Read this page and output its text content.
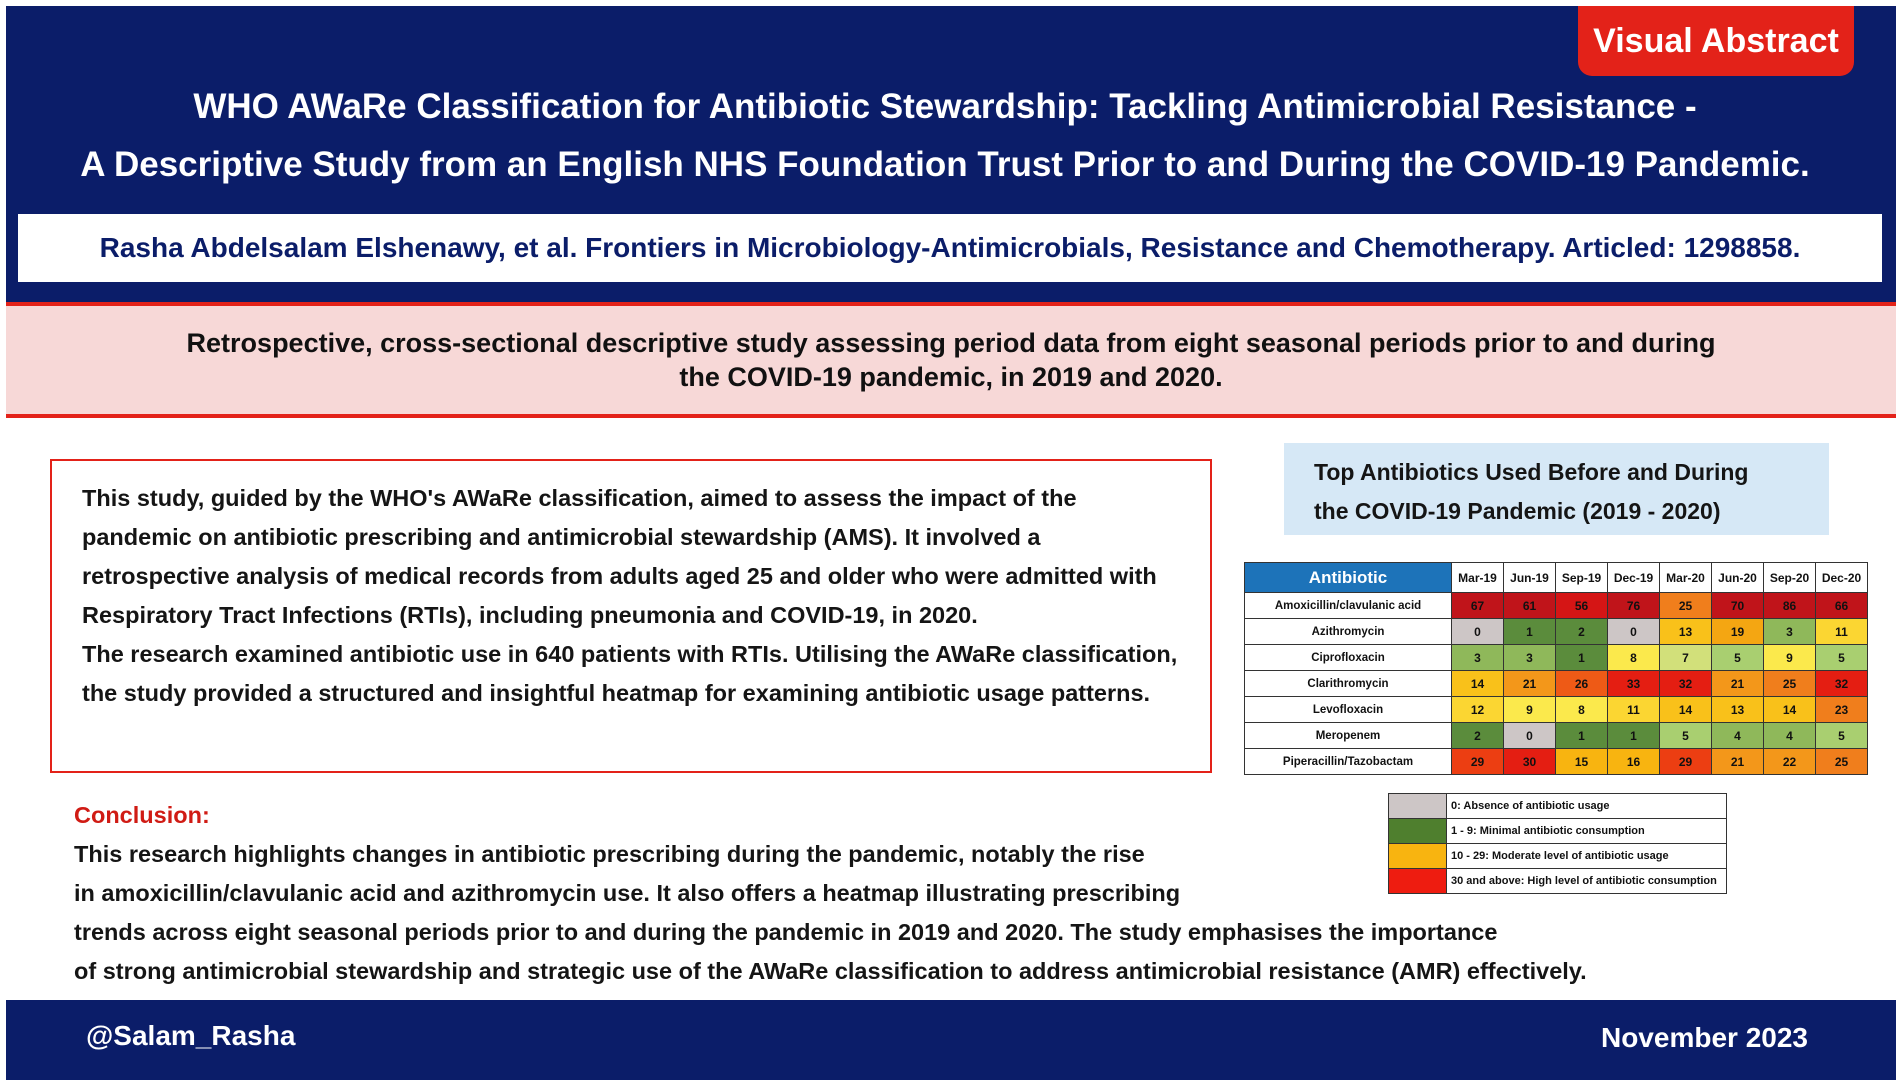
Visual Abstract
WHO AWaRe Classification for Antibiotic Stewardship: Tackling Antimicrobial Resistance -
A Descriptive Study from an English NHS Foundation Trust Prior to and During the COVID-19 Pandemic.
Rasha Abdelsalam Elshenawy, et al. Frontiers in Microbiology-Antimicrobials, Resistance and Chemotherapy. Articled: 1298858.
Retrospective, cross-sectional descriptive study assessing period data from eight seasonal periods prior to and during
the COVID-19 pandemic, in 2019 and 2020.

This study, guided by the WHO's AWaRe classification, aimed to assess the impact of the pandemic on antibiotic prescribing and antimicrobial stewardship (AMS). It involved a retrospective analysis of medical records from adults aged 25 and older who were admitted with Respiratory Tract Infections (RTIs), including pneumonia and COVID-19, in 2020.

The research examined antibiotic use in 640 patients with RTIs. Utilising the AWaRe classification, the study provided a structured and insightful heatmap for examining antibiotic usage patterns.

Conclusion:
This research highlights changes in antibiotic prescribing during the pandemic, notably the rise
in amoxicillin/clavulanic acid and azithromycin use. It also offers a heatmap illustrating prescribing
trends across eight seasonal periods prior to and during the pandemic in 2019 and 2020. The study emphasises the importance
of strong antimicrobial stewardship and strategic use of the AWaRe classification to address antimicrobial resistance (AMR) effectively.
Top Antibiotics Used Before and During
the COVID-19 Pandemic (2019 - 2020)
Antibiotic	Mar-19	Jun-19	Sep-19	Dec-19	Mar-20	Jun-20	Sep-20	Dec-20
Amoxicillin/clavulanic acid	67	61	56	76	25	70	86	66
Azithromycin	0	1	2	0	13	19	3	11
Ciprofloxacin	3	3	1	8	7	5	9	5
Clarithromycin	14	21	26	33	32	21	25	32
Levofloxacin	12	9	8	11	14	13	14	23
Meropenem	2	0	1	1	5	4	4	5
Piperacillin/Tazobactam	29	30	15	16	29	21	22	25
	0: Absence of antibiotic usage
	1 - 9: Minimal antibiotic consumption
	10 - 29: Moderate level of antibiotic usage
	30 and above: High level of antibiotic consumption
@Salam_Rasha	November 2023
